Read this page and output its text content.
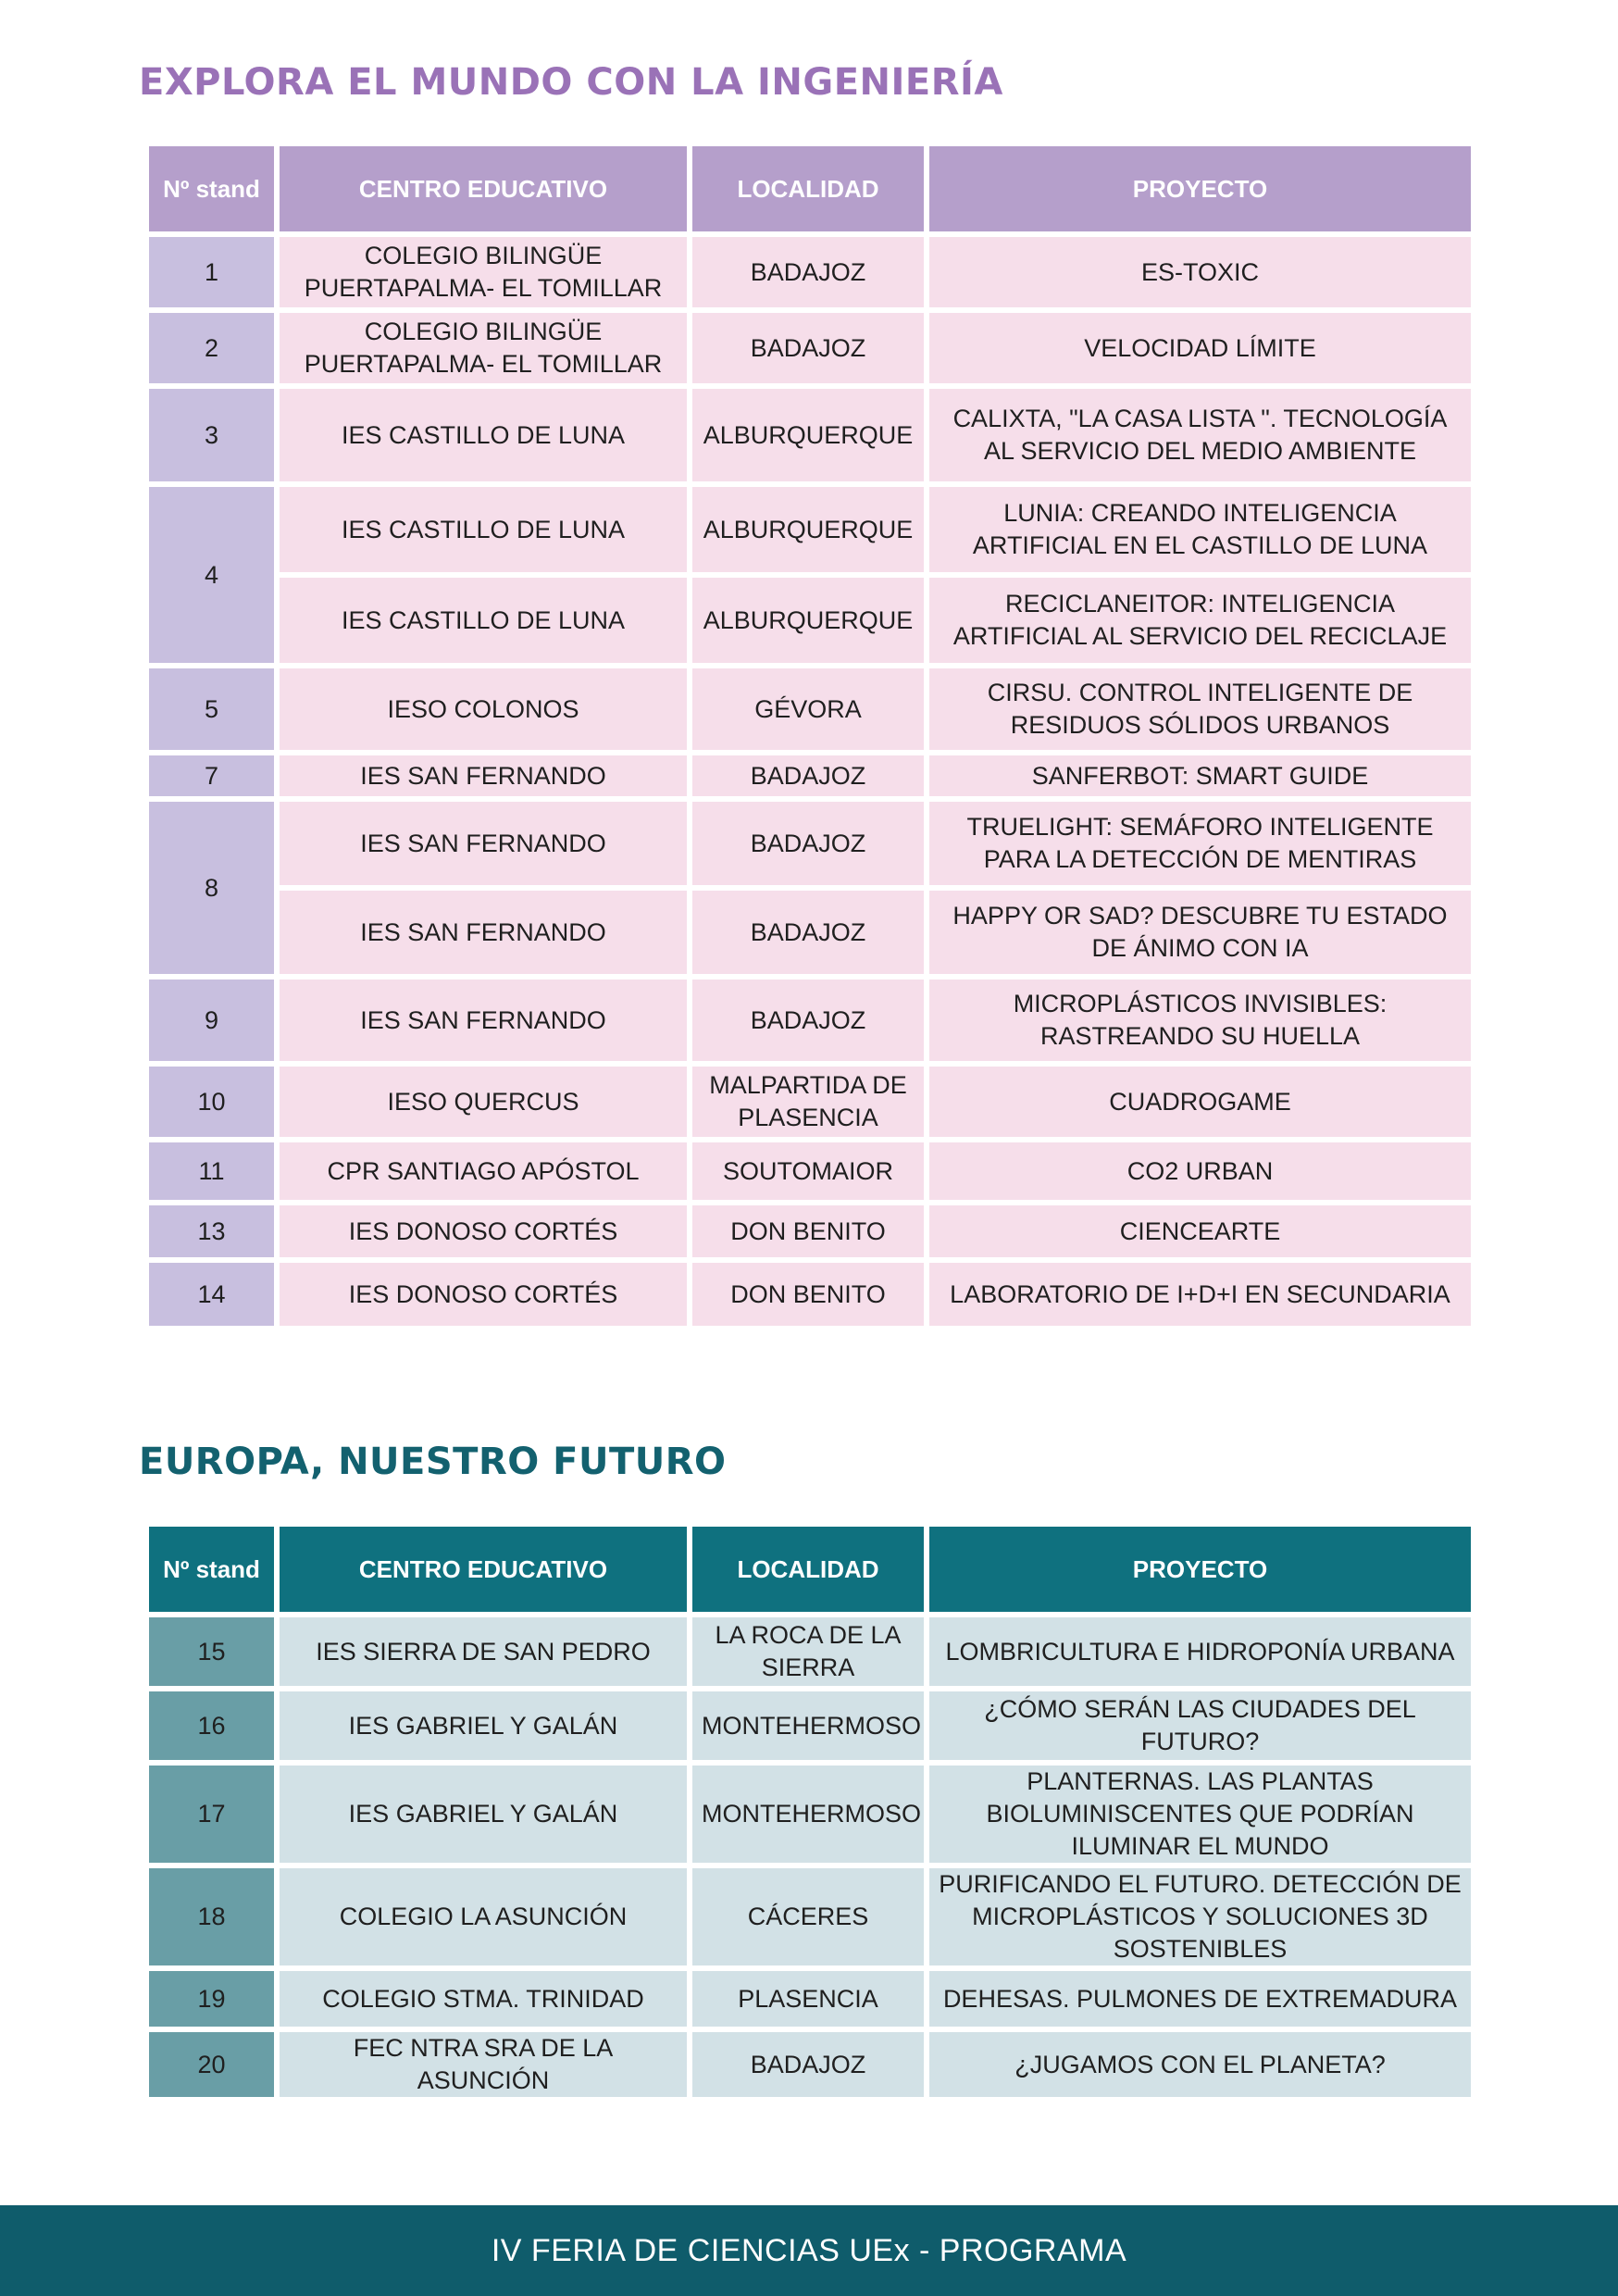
EXPLORA EL MUNDO CON LA INGENIERÍA
Nº stand	CENTRO EDUCATIVO	LOCALIDAD	PROYECTO
1	COLEGIO BILINGÜE PUERTAPALMA- EL TOMILLAR	BADAJOZ	ES-TOXIC
2	COLEGIO BILINGÜE PUERTAPALMA- EL TOMILLAR	BADAJOZ	VELOCIDAD LÍMITE
3	IES CASTILLO DE LUNA	ALBURQUERQUE	CALIXTA, "LA CASA LISTA ". TECNOLOGÍA AL SERVICIO DEL MEDIO AMBIENTE
4	IES CASTILLO DE LUNA	ALBURQUERQUE	LUNIA: CREANDO INTELIGENCIA ARTIFICIAL EN EL CASTILLO DE LUNA
	IES CASTILLO DE LUNA	ALBURQUERQUE	RECICLANEITOR: INTELIGENCIA ARTIFICIAL AL SERVICIO DEL RECICLAJE
5	IESO COLONOS	GÉVORA	CIRSU. CONTROL INTELIGENTE DE RESIDUOS SÓLIDOS URBANOS
7	IES SAN FERNANDO	BADAJOZ	SANFERBOT: SMART GUIDE
8	IES SAN FERNANDO	BADAJOZ	TRUELIGHT: SEMÁFORO INTELIGENTE PARA LA DETECCIÓN DE MENTIRAS
	IES SAN FERNANDO	BADAJOZ	HAPPY OR SAD? DESCUBRE TU ESTADO DE ÁNIMO CON IA
9	IES SAN FERNANDO	BADAJOZ	MICROPLÁSTICOS INVISIBLES: RASTREANDO SU HUELLA
10	IESO QUERCUS	MALPARTIDA DE PLASENCIA	CUADROGAME
11	CPR SANTIAGO APÓSTOL	SOUTOMAIOR	CO2 URBAN
13	IES DONOSO CORTÉS	DON BENITO	CIENCEARTE
14	IES DONOSO CORTÉS	DON BENITO	LABORATORIO DE I+D+I EN SECUNDARIA
EUROPA, NUESTRO FUTURO
Nº stand	CENTRO EDUCATIVO	LOCALIDAD	PROYECTO
15	IES SIERRA DE SAN PEDRO	LA ROCA DE LA SIERRA	LOMBRICULTURA E HIDROPONÍA URBANA
16	IES GABRIEL Y GALÁN	MONTEHERMOSO	¿CÓMO SERÁN LAS CIUDADES DEL FUTURO?
17	IES GABRIEL Y GALÁN	MONTEHERMOSO	PLANTERNAS. LAS PLANTAS BIOLUMINISCENTES QUE PODRÍAN ILUMINAR EL MUNDO
18	COLEGIO LA ASUNCIÓN	CÁCERES	PURIFICANDO EL FUTURO. DETECCIÓN DE MICROPLÁSTICOS Y SOLUCIONES 3D SOSTENIBLES
19	COLEGIO STMA. TRINIDAD	PLASENCIA	DEHESAS. PULMONES DE EXTREMADURA
20	FEC NTRA SRA DE LA ASUNCIÓN	BADAJOZ	¿JUGAMOS CON EL PLANETA?
IV FERIA DE CIENCIAS UEx - PROGRAMA
